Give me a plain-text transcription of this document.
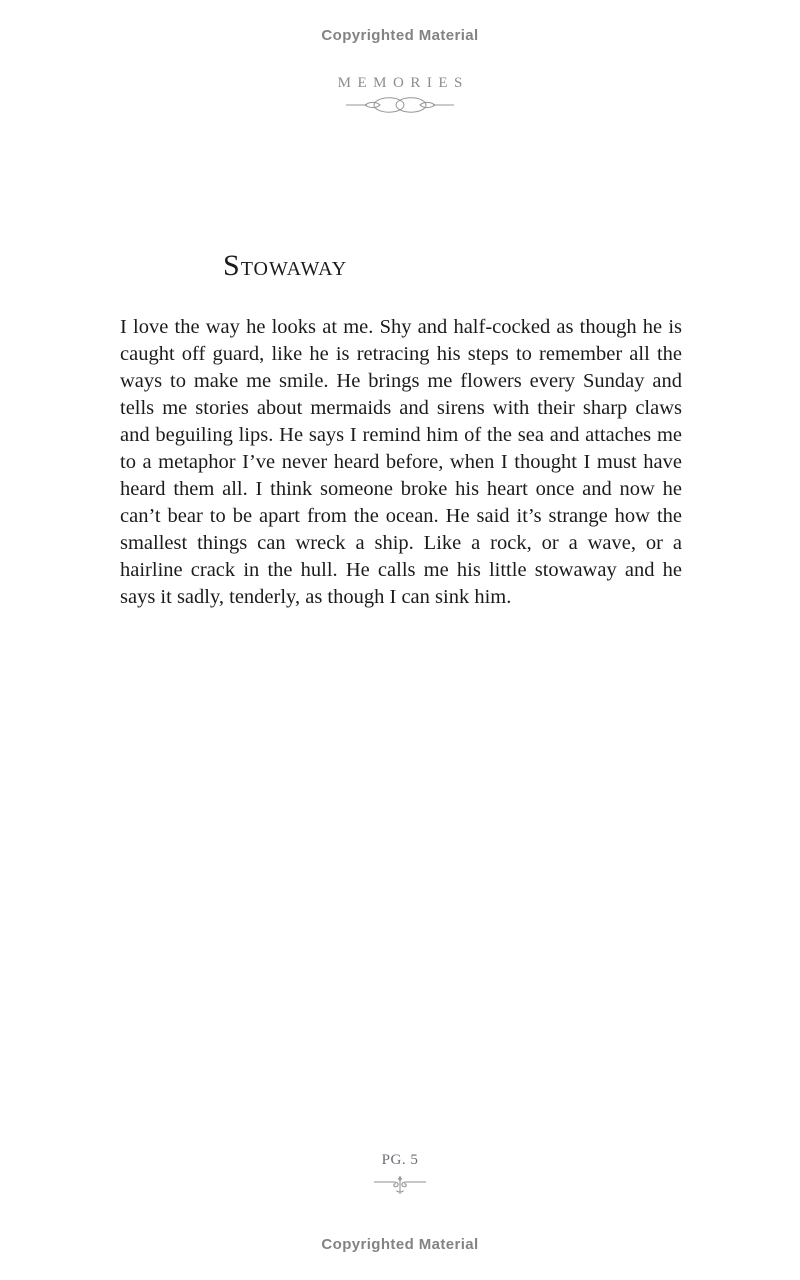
Copyrighted Material
MEMORIES
STOWAWAY

I love the way he looks at me. Shy and half-cocked as though he is caught off guard, like he is retracing his steps to remember all the ways to make me smile. He brings me flowers every Sunday and tells me stories about mermaids and sirens with their sharp claws and beguiling lips. He says I remind him of the sea and attaches me to a metaphor I’ve never heard before, when I thought I must have heard them all. I think someone broke his heart once and now he can’t bear to be apart from the ocean. He said it’s strange how the smallest things can wreck a ship. Like a rock, or a wave, or a hairline crack in the hull. He calls me his little stowaway and he says it sadly, tenderly, as though I can sink him.

PG. 5
Copyrighted Material
